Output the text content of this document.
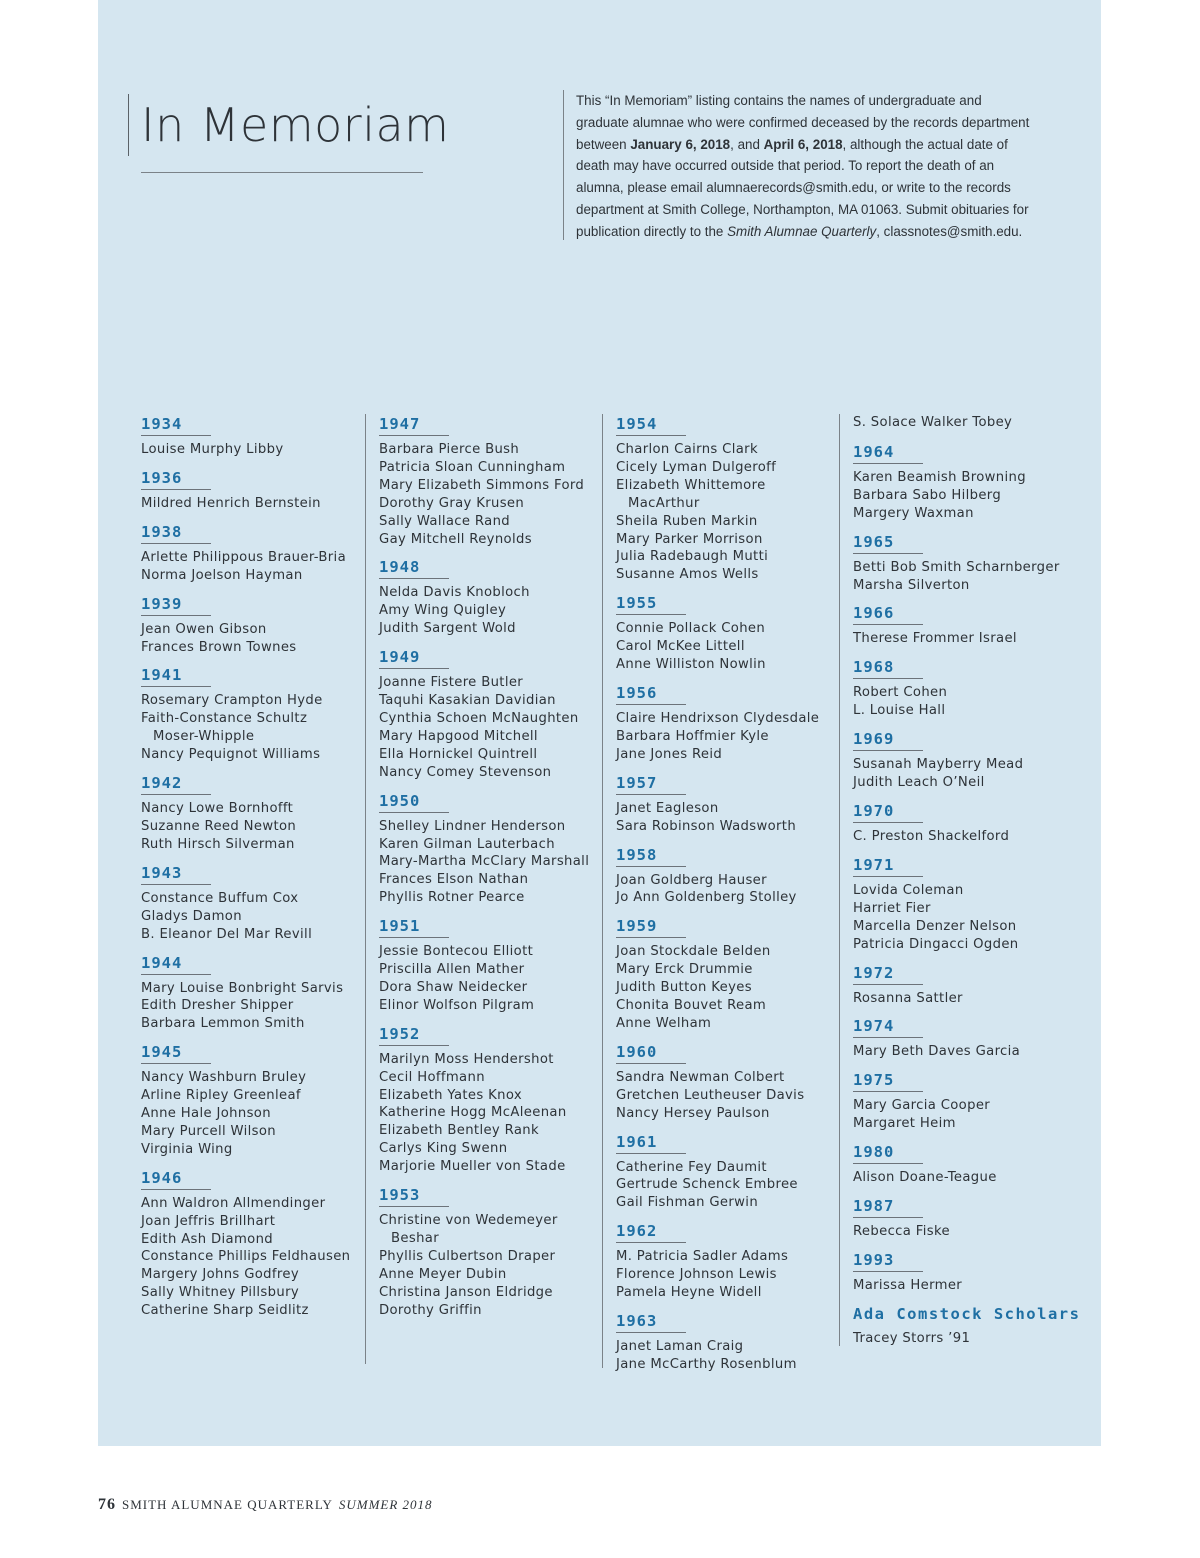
In Memoriam	This “In Memoriam” listing contains the names of undergraduate and graduate alumnae who were confirmed deceased by the records department between January 6, 2018, and April 6, 2018, although the actual date of death may have occurred outside that period. To report the death of an alumna, please email alumnaerecords@smith.edu, or write to the records department at Smith College, Northampton, MA 01063. Submit obituaries for publication directly to the Smith Alumnae Quarterly, classnotes@smith.edu.
1934
Louise Murphy Libby
1936
Mildred Henrich Bernstein
1938
Arlette Philippous Brauer-Bria
Norma Joelson Hayman
1939
Jean Owen Gibson
Frances Brown Townes
1941
Rosemary Crampton Hyde
Faith-Constance Schultz
Moser-Whipple
Nancy Pequignot Williams
1942
Nancy Lowe Bornhofft
Suzanne Reed Newton
Ruth Hirsch Silverman
1943
Constance Buffum Cox
Gladys Damon
B. Eleanor Del Mar Revill
1944
Mary Louise Bonbright Sarvis
Edith Dresher Shipper
Barbara Lemmon Smith
1945
Nancy Washburn Bruley
Arline Ripley Greenleaf
Anne Hale Johnson
Mary Purcell Wilson
Virginia Wing
1946
Ann Waldron Allmendinger
Joan Jeffris Brillhart
Edith Ash Diamond
Constance Phillips Feldhausen
Margery Johns Godfrey
Sally Whitney Pillsbury
Catherine Sharp Seidlitz
1947
Barbara Pierce Bush
Patricia Sloan Cunningham
Mary Elizabeth Simmons Ford
Dorothy Gray Krusen
Sally Wallace Rand
Gay Mitchell Reynolds
1948
Nelda Davis Knobloch
Amy Wing Quigley
Judith Sargent Wold
1949
Joanne Fistere Butler
Taquhi Kasakian Davidian
Cynthia Schoen McNaughten
Mary Hapgood Mitchell
Ella Hornickel Quintrell
Nancy Comey Stevenson
1950
Shelley Lindner Henderson
Karen Gilman Lauterbach
Mary-Martha McClary Marshall
Frances Elson Nathan
Phyllis Rotner Pearce
1951
Jessie Bontecou Elliott
Priscilla Allen Mather
Dora Shaw Neidecker
Elinor Wolfson Pilgram
1952
Marilyn Moss Hendershot
Cecil Hoffmann
Elizabeth Yates Knox
Katherine Hogg McAleenan
Elizabeth Bentley Rank
Carlys King Swenn
Marjorie Mueller von Stade
1953
Christine von Wedemeyer
Beshar
Phyllis Culbertson Draper
Anne Meyer Dubin
Christina Janson Eldridge
Dorothy Griffin
1954
Charlon Cairns Clark
Cicely Lyman Dulgeroff
Elizabeth Whittemore
MacArthur
Sheila Ruben Markin
Mary Parker Morrison
Julia Radebaugh Mutti
Susanne Amos Wells
1955
Connie Pollack Cohen
Carol McKee Littell
Anne Williston Nowlin
1956
Claire Hendrixson Clydesdale
Barbara Hoffmier Kyle
Jane Jones Reid
1957
Janet Eagleson
Sara Robinson Wadsworth
1958
Joan Goldberg Hauser
Jo Ann Goldenberg Stolley
1959
Joan Stockdale Belden
Mary Erck Drummie
Judith Button Keyes
Chonita Bouvet Ream
Anne Welham
1960
Sandra Newman Colbert
Gretchen Leutheuser Davis
Nancy Hersey Paulson
1961
Catherine Fey Daumit
Gertrude Schenck Embree
Gail Fishman Gerwin
1962
M. Patricia Sadler Adams
Florence Johnson Lewis
Pamela Heyne Widell
1963
Janet Laman Craig
Jane McCarthy Rosenblum
S. Solace Walker Tobey
1964
Karen Beamish Browning
Barbara Sabo Hilberg
Margery Waxman
1965
Betti Bob Smith Scharnberger
Marsha Silverton
1966
Therese Frommer Israel
1968
Robert Cohen
L. Louise Hall
1969
Susanah Mayberry Mead
Judith Leach O’Neil
1970
C. Preston Shackelford
1971
Lovida Coleman
Harriet Fier
Marcella Denzer Nelson
Patricia Dingacci Ogden
1972
Rosanna Sattler
1974
Mary Beth Daves Garcia
1975
Mary Garcia Cooper
Margaret Heim
1980
Alison Doane-Teague
1987
Rebecca Fiske
1993
Marissa Hermer
Ada Comstock Scholars
Tracey Storrs ’91
76 SMITH ALUMNAE QUARTERLY SUMMER 2018
